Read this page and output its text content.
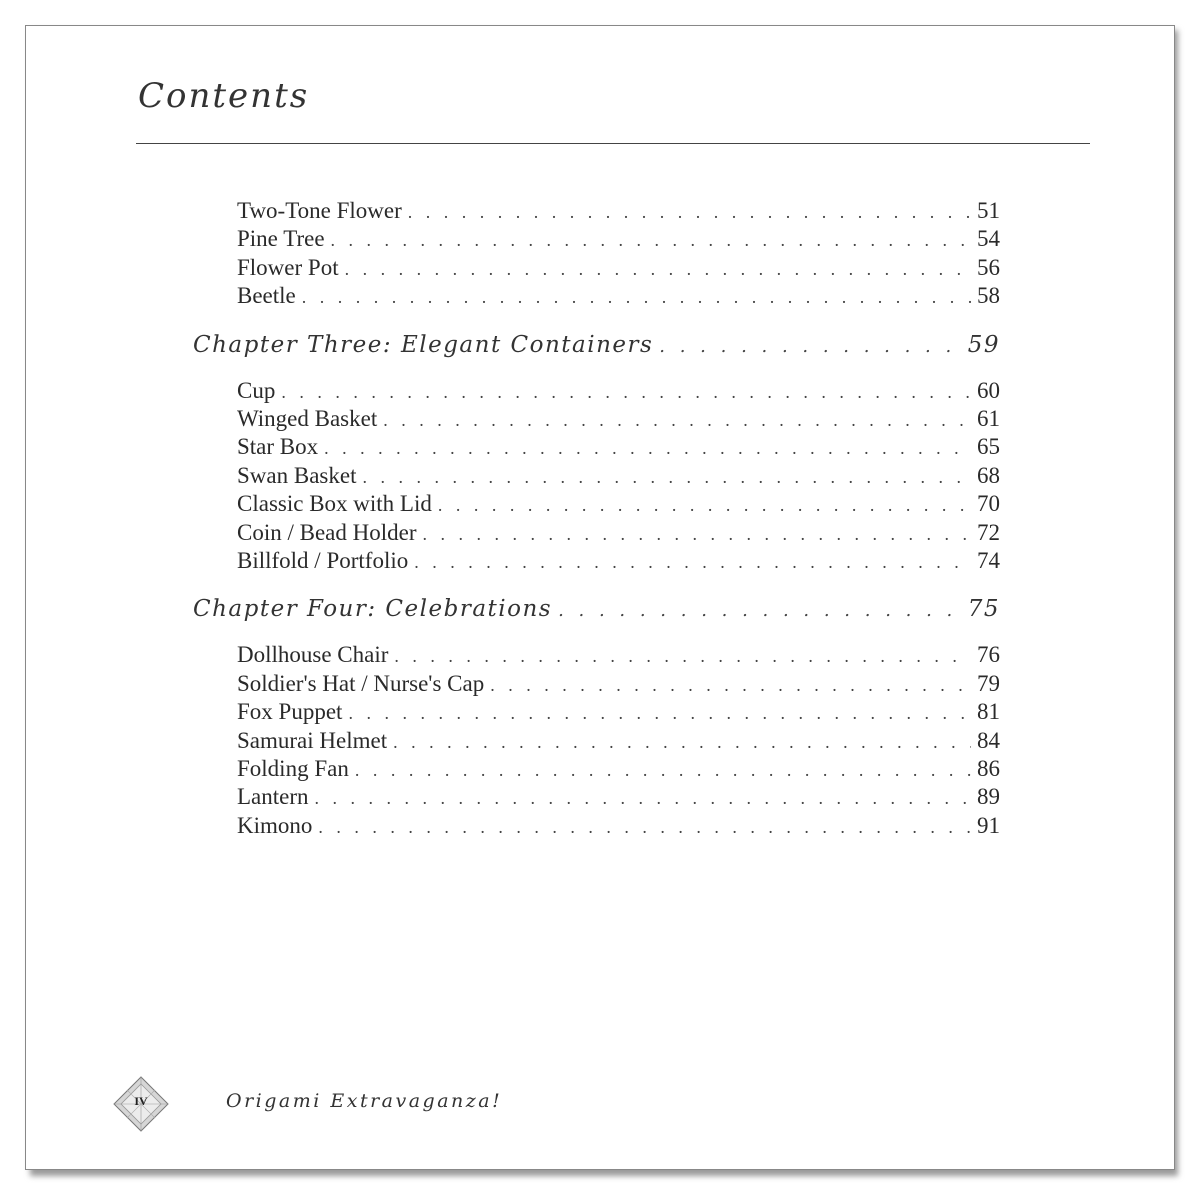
Contents
Two-Tone Flower . . .	51
Pine Tree . . .	54
Flower Pot . . .	56
Beetle . . .	58
Chapter Three: Elegant Containers . . .	59
Cup . . .	60
Winged Basket . . .	61
Star Box . . .	65
Swan Basket . . .	68
Classic Box with Lid . . .	70
Coin / Bead Holder . . .	72
Billfold / Portfolio . . .	74
Chapter Four: Celebrations . . .	75
Dollhouse Chair . . .	76
Soldier's Hat / Nurse's Cap . . .	79
Fox Puppet . . .	81
Samurai Helmet . . .	84
Folding Fan . . .	86
Lantern . . .	89
Kimono . . .	91
IV	Origami Extravaganza!
